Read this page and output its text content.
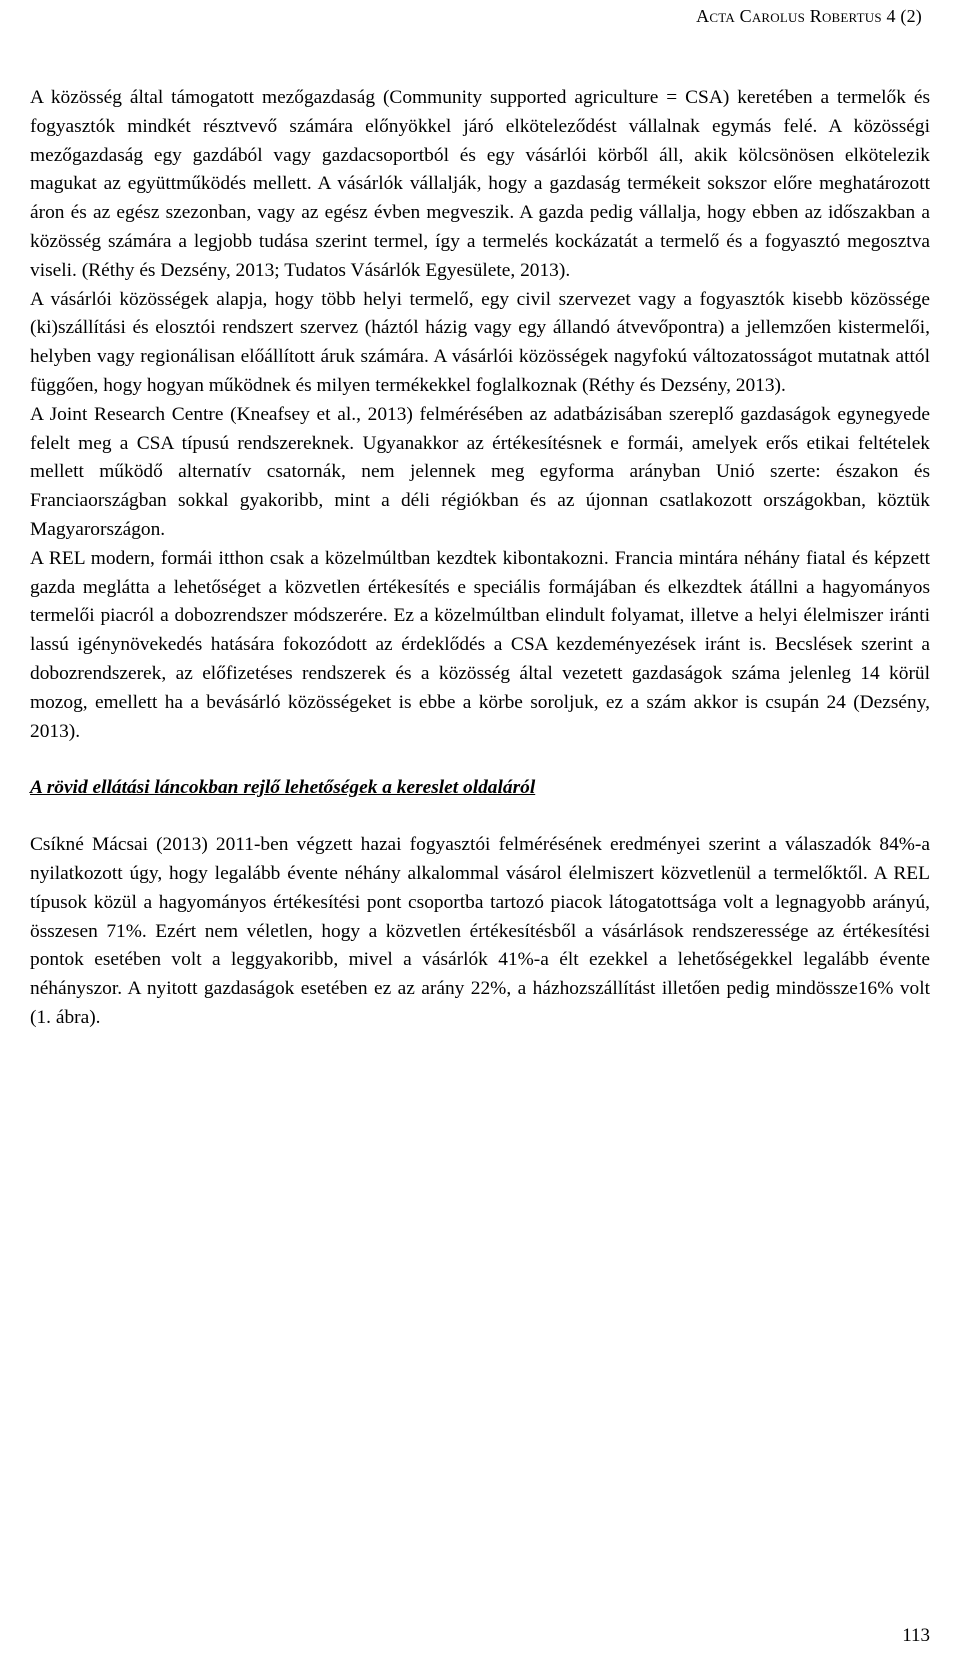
Acta Carolus Robertus 4 (2)

A közösség által támogatott mezőgazdaság (Community supported agriculture = CSA) keretében a termelők és fogyasztók mindkét résztvevő számára előnyökkel járó elköteleződést vállalnak egymás felé. A közösségi mezőgazdaság egy gazdából vagy gazdacsoportból és egy vásárlói körből áll, akik kölcsönösen elkötelezik magukat az együttműködés mellett. A vásárlók vállalják, hogy a gazdaság termékeit sokszor előre meghatározott áron és az egész szezonban, vagy az egész évben megveszik. A gazda pedig vállalja, hogy ebben az időszakban a közösség számára a legjobb tudása szerint termel, így a termelés kockázatát a termelő és a fogyasztó megosztva viseli. (Réthy és Dezsény, 2013; Tudatos Vásárlók Egyesülete, 2013).

A vásárlói közösségek alapja, hogy több helyi termelő, egy civil szervezet vagy a fogyasztók kisebb közössége (ki)szállítási és elosztói rendszert szervez (háztól házig vagy egy állandó átvevőpontra) a jellemzően kistermelői, helyben vagy regionálisan előállított áruk számára. A vásárlói közösségek nagyfokú változatosságot mutatnak attól függően, hogy hogyan működnek és milyen termékekkel foglalkoznak (Réthy és Dezsény, 2013).

A Joint Research Centre (Kneafsey et al., 2013) felmérésében az adatbázisában szereplő gazdaságok egynegyede felelt meg a CSA típusú rendszereknek. Ugyanakkor az értékesítésnek e formái, amelyek erős etikai feltételek mellett működő alternatív csatornák, nem jelennek meg egyforma arányban Unió szerte: északon és Franciaországban sokkal gyakoribb, mint a déli régiókban és az újonnan csatlakozott országokban, köztük Magyarországon.

A REL modern, formái itthon csak a közelmúltban kezdtek kibontakozni. Francia mintára néhány fiatal és képzett gazda meglátta a lehetőséget a közvetlen értékesítés e speciális formájában és elkezdtek átállni a hagyományos termelői piacról a dobozrendszer módszerére. Ez a közelmúltban elindult folyamat, illetve a helyi élelmiszer iránti lassú igénynövekedés hatására fokozódott az érdeklődés a CSA kezdeményezések iránt is. Becslések szerint a dobozrendszerek, az előfizetéses rendszerek és a közösség által vezetett gazdaságok száma jelenleg 14 körül mozog, emellett ha a bevásárló közösségeket is ebbe a körbe soroljuk, ez a szám akkor is csupán 24 (Dezsény, 2013).

A rövid ellátási láncokban rejlő lehetőségek a kereslet oldaláról

Csíkné Mácsai (2013) 2011-ben végzett hazai fogyasztói felmérésének eredményei szerint a válaszadók 84%-a nyilatkozott úgy, hogy legalább évente néhány alkalommal vásárol élelmiszert közvetlenül a termelőktől. A REL típusok közül a hagyományos értékesítési pont csoportba tartozó piacok látogatottsága volt a legnagyobb arányú, összesen 71%. Ezért nem véletlen, hogy a közvetlen értékesítésből a vásárlások rendszeressége az értékesítési pontok esetében volt a leggyakoribb, mivel a vásárlók 41%-a élt ezekkel a lehetőségekkel legalább évente néhányszor. A nyitott gazdaságok esetében ez az arány 22%, a házhozszállítást illetően pedig mindössze16% volt (1. ábra).

113
